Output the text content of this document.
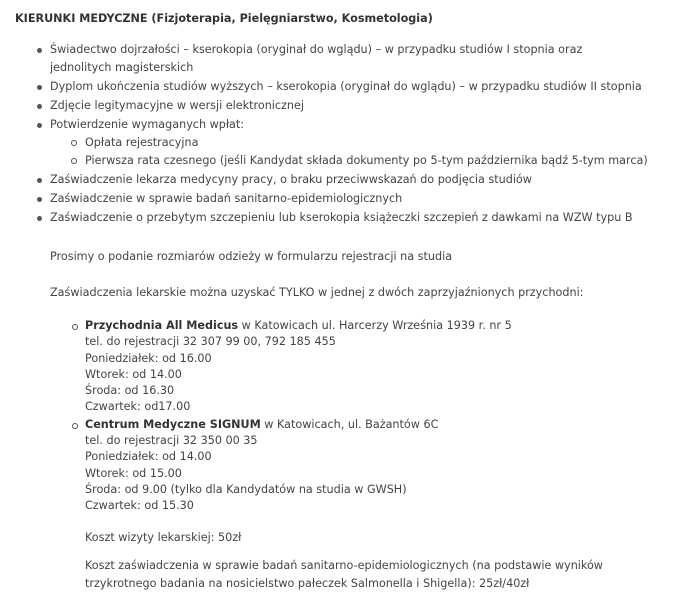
KIERUNKI MEDYCZNE (Fizjoterapia, Pielęgniarstwo, Kosmetologia)

Świadectwo dojrzałości – kserokopia (oryginał do wglądu) – w przypadku studiów I stopnia oraz jednolitych magisterskich
Dyplom ukończenia studiów wyższych – kserokopia (oryginał do wglądu) – w przypadku studiów II stopnia
Zdjęcie legitymacyjne w wersji elektronicznej
Potwierdzenie wymaganych wpłat:
Opłata rejestracyjna
Pierwsza rata czesnego (jeśli Kandydat składa dokumenty po 5-tym października bądź 5-tym marca)
Zaświadczenie lekarza medycyny pracy, o braku przeciwwskazań do podjęcia studiów
Zaświadczenie w sprawie badań sanitarno-epidemiologicznych
Zaświadczenie o przebytym szczepieniu lub kserokopia książeczki szczepień z dawkami na WZW typu B

Prosimy o podanie rozmiarów odzieży w formularzu rejestracji na studia

Zaświadczenia lekarskie można uzyskać TYLKO w jednej z dwóch zaprzyjaźnionych przychodni:

Przychodnia All Medicus w Katowicach ul. Harcerzy Września 1939 r. nr 5
tel. do rejestracji 32 307 99 00, 792 185 455
Poniedziałek: od 16.00
Wtorek: od 14.00
Środa: od 16.30
Czwartek: od17.00
Centrum Medyczne SIGNUM w Katowicach, ul. Bażantów 6C
tel. do rejestracji 32 350 00 35
Poniedziałek: od 14.00
Wtorek: od 15.00
Środa: od 9.00 (tylko dla Kandydatów na studia w GWSH)
Czwartek: od 15.30

Koszt wizyty lekarskiej: 50zł

Koszt zaświadczenia w sprawie badań sanitarno-epidemiologicznych (na podstawie wyników trzykrotnego badania na nosicielstwo pałeczek Salmonella i Shigella): 25zł/40zł
